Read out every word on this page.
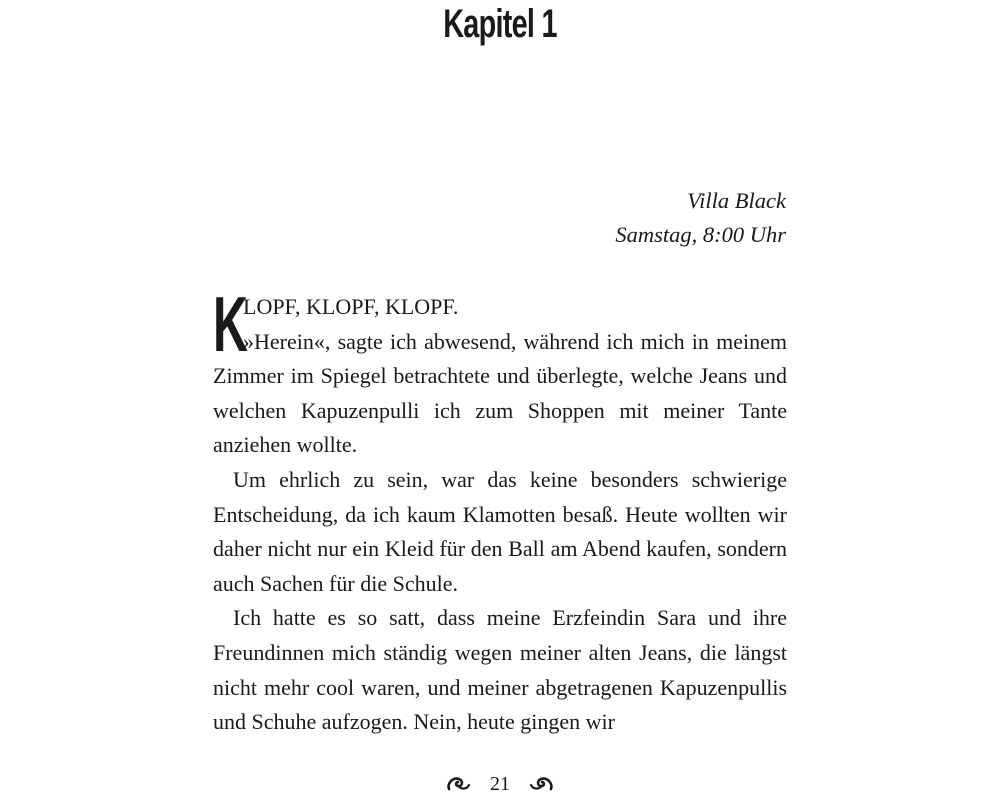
Kapitel 1
Villa Black
Samstag, 8:00 Uhr
K
LOPF, KLOPF, KLOPF.
»Herein«, sagte ich abwesend, während ich mich in meinem Zimmer im Spiegel betrachtete und überlegte, welche Jeans und welchen Kapuzenpulli ich zum Shoppen mit meiner Tante anziehen wollte.

Um ehrlich zu sein, war das keine besonders schwierige Entscheidung, da ich kaum Klamotten besaß. Heute wollten wir daher nicht nur ein Kleid für den Ball am Abend kaufen, sondern auch Sachen für die Schule.

Ich hatte es so satt, dass meine Erzfeindin Sara und ihre Freundinnen mich ständig wegen meiner alten Jeans, die längst nicht mehr cool waren, und meiner abgetragenen Kapuzenpullis und Schuhe aufzogen. Nein, heute gingen wir

21
